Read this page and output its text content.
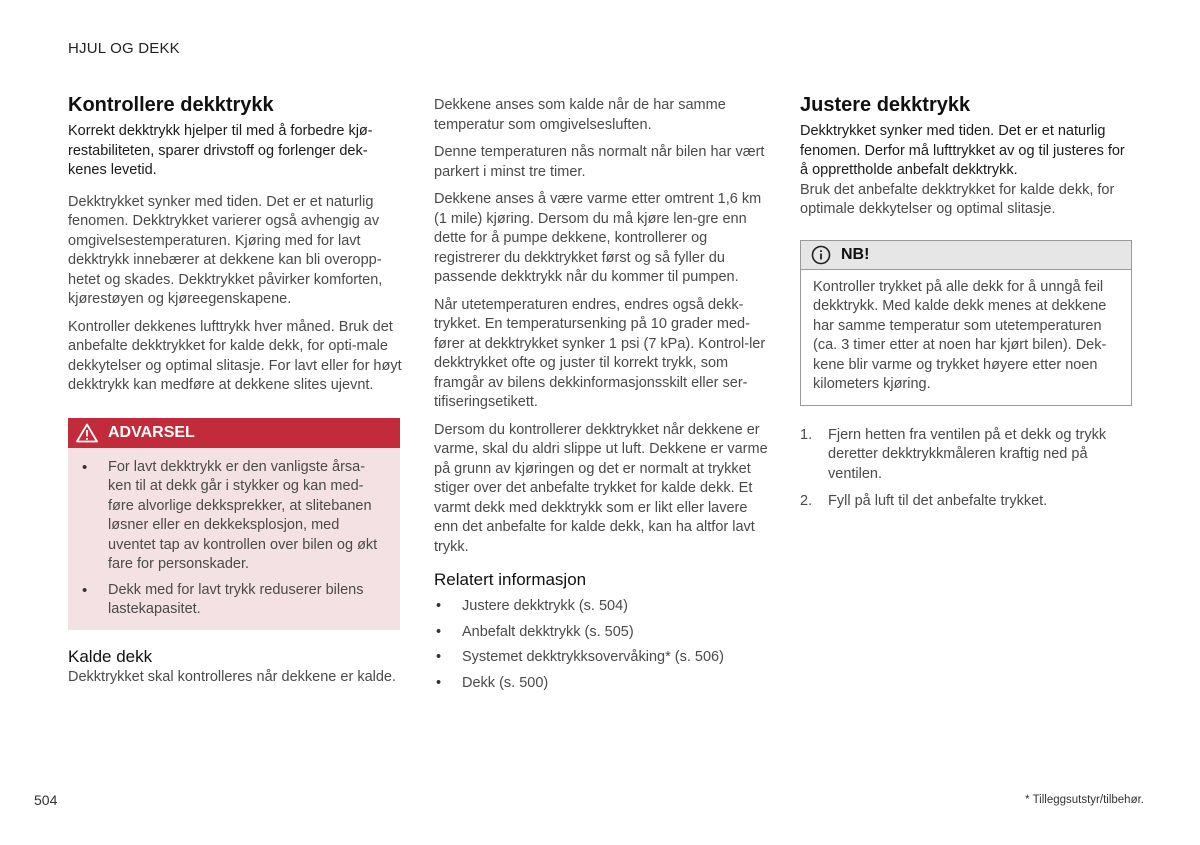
HJUL OG DEKK
Kontrollere dekktrykk

Korrekt dekktrykk hjelper til med å forbedre kjø-restabiliteten, sparer drivstoff og forlenger dek-kenes levetid.

Dekktrykket synker med tiden. Det er et naturlig fenomen. Dekktrykket varierer også avhengig av omgivelsestemperaturen. Kjøring med for lavt dekktrykk innebærer at dekkene kan bli overopp-hetet og skades. Dekktrykket påvirker komforten, kjørestøyen og kjøreegenskapene.

Kontroller dekkenes lufttrykk hver måned. Bruk det anbefalte dekktrykket for kalde dekk, for opti-male dekkytelser og optimal slitasje. For lavt eller for høyt dekktrykk kan medføre at dekkene slites ujevnt.

ADVARSEL
• For lavt dekktrykk er den vanligste årsa-ken til at dekk går i stykker og kan med-føre alvorlige dekksprekker, at slitebanen løsner eller en dekkeksplosjon, med uventet tap av kontrollen over bilen og økt fare for personskader.
• Dekk med for lavt trykk reduserer bilens lastekapasitet.
Kalde dekk

Dekktrykket skal kontrolleres når dekkene er kalde.

Dekkene anses som kalde når de har samme temperatur som omgivelsesluften.

Denne temperaturen nås normalt når bilen har vært parkert i minst tre timer.

Dekkene anses å være varme etter omtrent 1,6 km (1 mile) kjøring. Dersom du må kjøre len-gre enn dette for å pumpe dekkene, kontrollerer og registrerer du dekktrykket først og så fyller du passende dekktrykk når du kommer til pumpen.

Når utetemperaturen endres, endres også dekk-trykket. En temperatursenking på 10 grader med-fører at dekktrykket synker 1 psi (7 kPa). Kontrol-ler dekktrykket ofte og juster til korrekt trykk, som framgår av bilens dekkinformasjonsskilt eller ser-tifiseringsetikett.

Dersom du kontrollerer dekktrykket når dekkene er varme, skal du aldri slippe ut luft. Dekkene er varme på grunn av kjøringen og det er normalt at trykket stiger over det anbefalte trykket for kalde dekk. Et varmt dekk med dekktrykk som er likt eller lavere enn det anbefalte for kalde dekk, kan ha altfor lavt trykk.

Relatert informasjon
• Justere dekktrykk (s. 504)
• Anbefalt dekktrykk (s. 505)
• Systemet dekktrykksovervåking* (s. 506)
• Dekk (s. 500)
Justere dekktrykk

Dekktrykket synker med tiden. Det er et naturlig fenomen. Derfor må lufttrykket av og til justeres for å opprettholde anbefalt dekktrykk.

Bruk det anbefalte dekktrykket for kalde dekk, for optimale dekkytelser og optimal slitasje.

NB!
Kontroller trykket på alle dekk for å unngå feil dekktrykk. Med kalde dekk menes at dekkene har samme temperatur som utetemperaturen (ca. 3 timer etter at noen har kjørt bilen). Dek-kene blir varme og trykket høyere etter noen kilometers kjøring.
1. Fjern hetten fra ventilen på et dekk og trykk deretter dekktrykkmåleren kraftig ned på ventilen.
2. Fyll på luft til det anbefalte trykket.
504	* Tilleggsutstyr/tilbehør.
